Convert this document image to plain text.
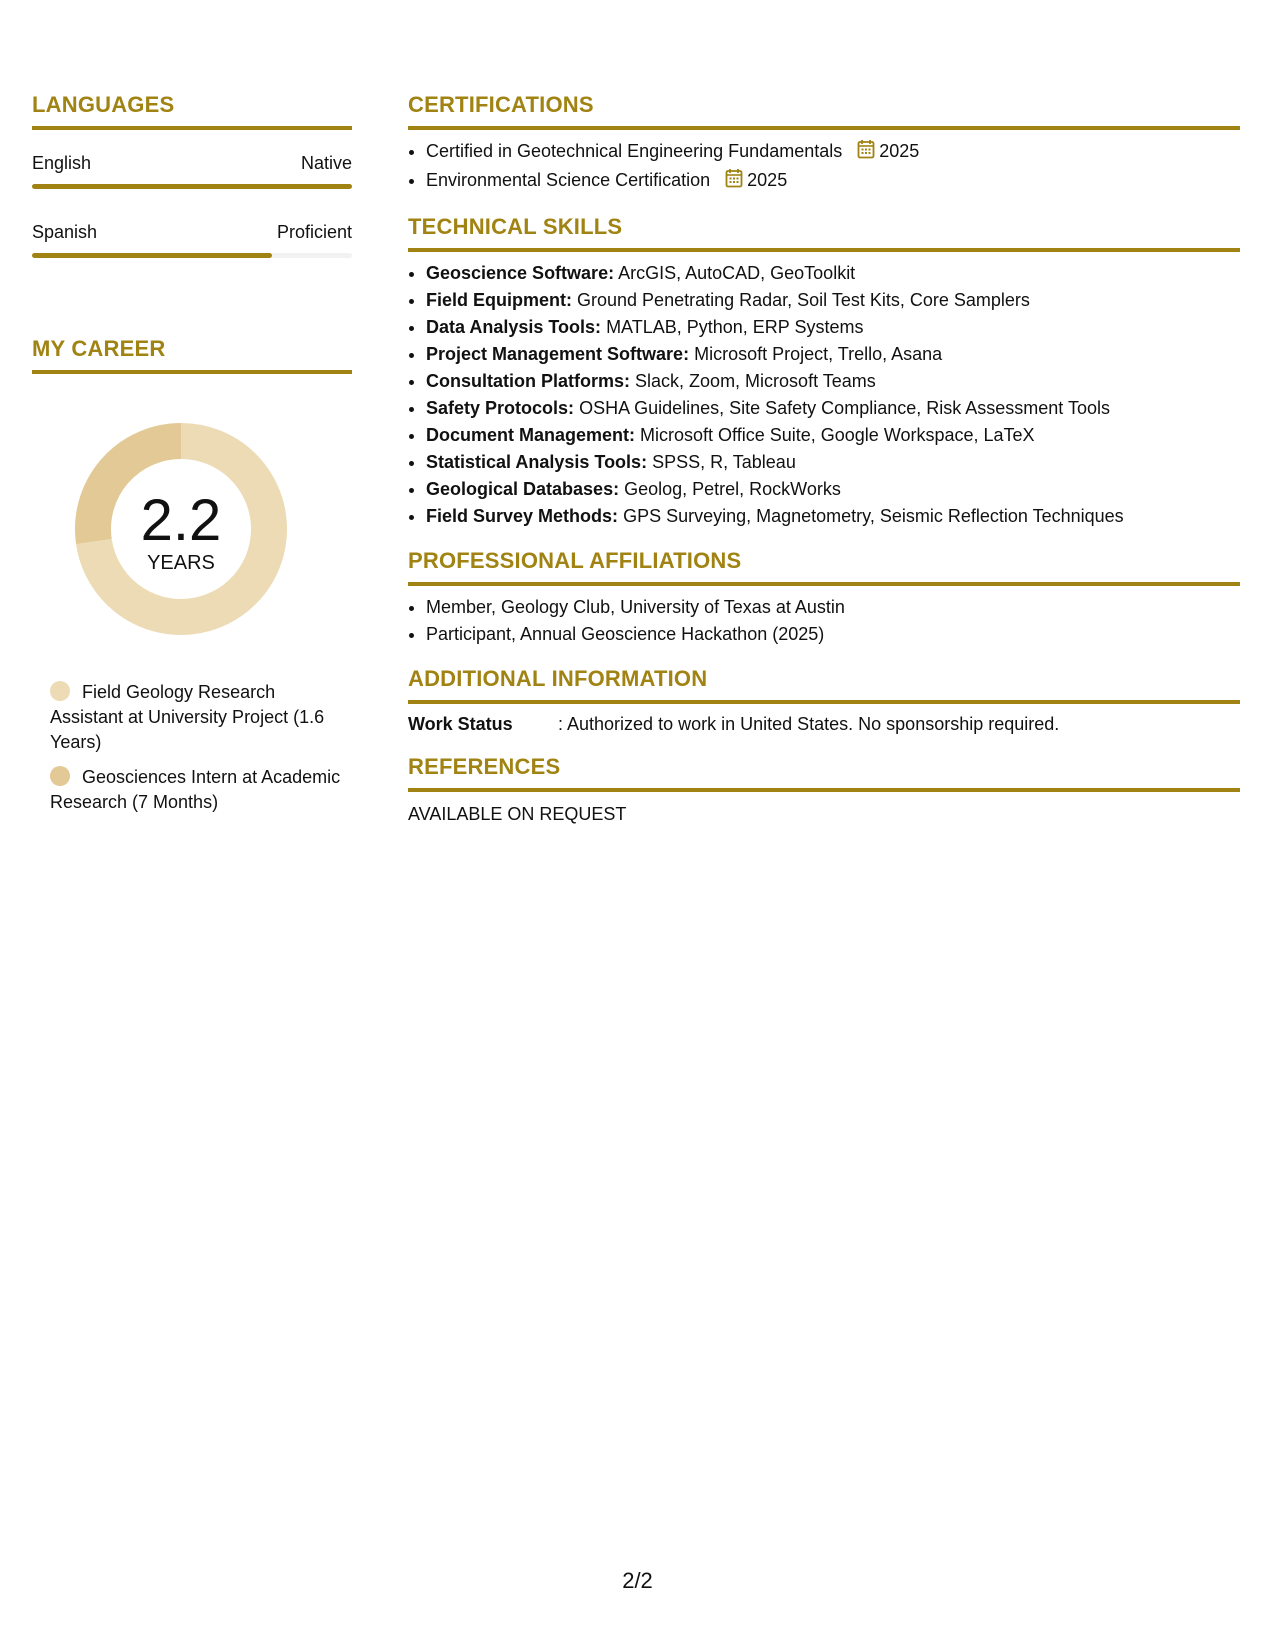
LANGUAGES
English	Native
Spanish	Proficient
MY CAREER
2.2
YEARS
Field Geology Research Assistant at University Project (1.6 Years)
Geosciences Intern at Academic Research (7 Months)
CERTIFICATIONS
• Certified in Geotechnical Engineering Fundamentals 2025
• Environmental Science Certification 2025
TECHNICAL SKILLS
• Geoscience Software: ArcGIS, AutoCAD, GeoToolkit
• Field Equipment: Ground Penetrating Radar, Soil Test Kits, Core Samplers
• Data Analysis Tools: MATLAB, Python, ERP Systems
• Project Management Software: Microsoft Project, Trello, Asana
• Consultation Platforms: Slack, Zoom, Microsoft Teams
• Safety Protocols: OSHA Guidelines, Site Safety Compliance, Risk Assessment Tools
• Document Management: Microsoft Office Suite, Google Workspace, LaTeX
• Statistical Analysis Tools: SPSS, R, Tableau
• Geological Databases: Geolog, Petrel, RockWorks
• Field Survey Methods: GPS Surveying, Magnetometry, Seismic Reflection Techniques
PROFESSIONAL AFFILIATIONS
• Member, Geology Club, University of Texas at Austin
• Participant, Annual Geoscience Hackathon (2025)
ADDITIONAL INFORMATION
Work Status	: Authorized to work in United States. No sponsorship required.
REFERENCES
AVAILABLE ON REQUEST
2/2
